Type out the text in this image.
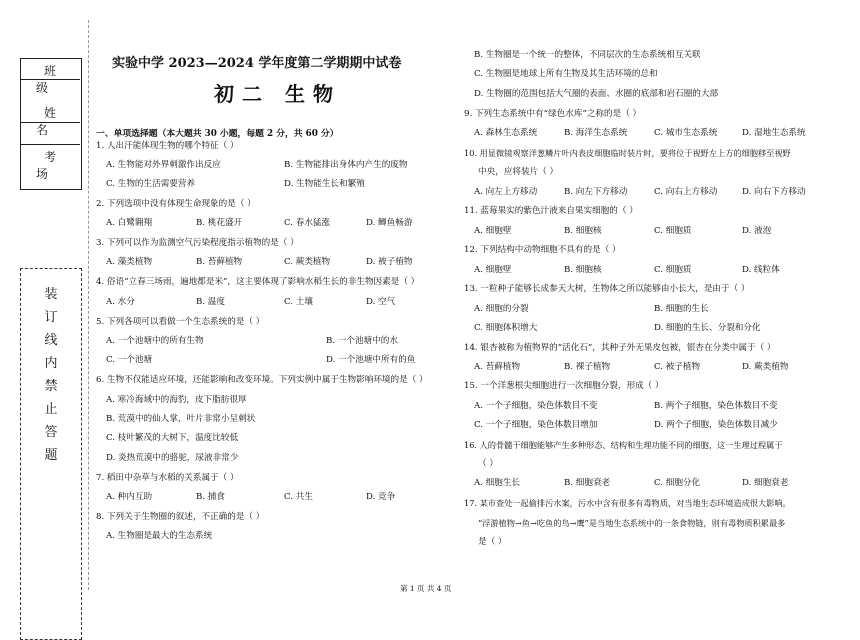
班 级
姓 名
考 场
装
订
线
内
禁
止
答
题
实验中学 2023—2024 学年度第二学期期中试卷
初二 生物
一、单项选择题（本大题共 30 小题，每题 2 分，共 60 分）
1. 人出汗能体现生物的哪个特征（ ）
A. 生物能对外界刺激作出反应	B. 生物能排出身体内产生的废物
C. 生物的生活需要营养	D. 生物能生长和繁殖
2. 下列选项中没有体现生命现象的是（ ）
A. 白鹭翱翔	B. 桃花盛开	C. 春水猛涨	D. 鲫鱼畅游
3. 下列可以作为监测空气污染程度指示植物的是（ ）
A. 藻类植物	B. 苔藓植物	C. 蕨类植物	D. 被子植物
4. 俗语“立春三场雨，遍地都是米”，这主要体现了影响水稻生长的非生物因素是（ ）
A. 水分	B. 温度	C. 土壤	D. 空气
5. 下列各项可以看做一个生态系统的是（ ）
A. 一个池塘中的所有生物	B. 一个池塘中的水
C. 一个池塘	D. 一个池塘中所有的鱼
6. 生物不仅能适应环境，还能影响和改变环境。下列实例中属于生物影响环境的是（ ）
A. 寒冷海域中的海豹，皮下脂肪很厚
B. 荒漠中的仙人掌，叶片非常小呈刺状
C. 枝叶繁茂的大树下，温度比较低
D. 炎热荒漠中的骆驼，尿液非常少
7. 稻田中杂草与水稻的关系属于（ ）
A. 种内互助	B. 捕食	C. 共生	D. 竞争
8. 下列关于生物圈的叙述，不正确的是（ ）
A. 生物圈是最大的生态系统
B. 生物圈是一个统一的整体，不同层次的生态系统相互关联
C. 生物圈是地球上所有生物及其生活环境的总和
D. 生物圈的范围包括大气圈的表面、水圈的底部和岩石圈的大部
9. 下列生态系统中有“绿色水库”之称的是（ ）
A. 森林生态系统	B. 海洋生态系统	C. 城市生态系统	D. 湿地生态系统
10. 用显微镜观察洋葱鳞片叶内表皮细胞临时装片时，要将位于视野左上方的细胞移至视野
中央，应将装片（ ）
A. 向左上方移动	B. 向左下方移动	C. 向右上方移动	D. 向右下方移动
11. 蓝莓果实的紫色汁液来自果实细胞的（ ）
A. 细胞壁	B. 细胞核	C. 细胞质	D. 液泡
12. 下列结构中动物细胞不具有的是（ ）
A. 细胞壁	B. 细胞核	C. 细胞质	D. 线粒体
13. 一粒种子能够长成参天大树，生物体之所以能够由小长大，是由于（ ）
A. 细胞的分裂	B. 细胞的生长
C. 细胞体积增大	D. 细胞的生长、分裂和分化
14. 银杏被称为植物界的“活化石”，其种子外无果皮包被，银杏在分类中属于（ ）
A. 苔藓植物	B. 裸子植物	C. 被子植物	D. 蕨类植物
15. 一个洋葱根尖细胞进行一次细胞分裂，形成（ ）
A. 一个子细胞，染色体数目不变	B. 两个子细胞，染色体数目不变
C. 一个子细胞，染色体数目增加	D. 两个子细胞，染色体数目减少
16. 人的骨髓干细胞能够产生多种形态、结构和生理功能不同的细胞，这一生理过程属于
（ ）
A. 细胞生长	B. 细胞衰老	C. 细胞分化	D. 细胞衰老
17. 某市查处一起偷排污水案，污水中含有很多有毒物质，对当地生态环境造成很大影响。
“浮游植物→鱼→吃鱼的鸟→鹰”是当地生态系统中的一条食物链，则有毒物质积累最多
是（ ）
第 1 页 共 4 页
